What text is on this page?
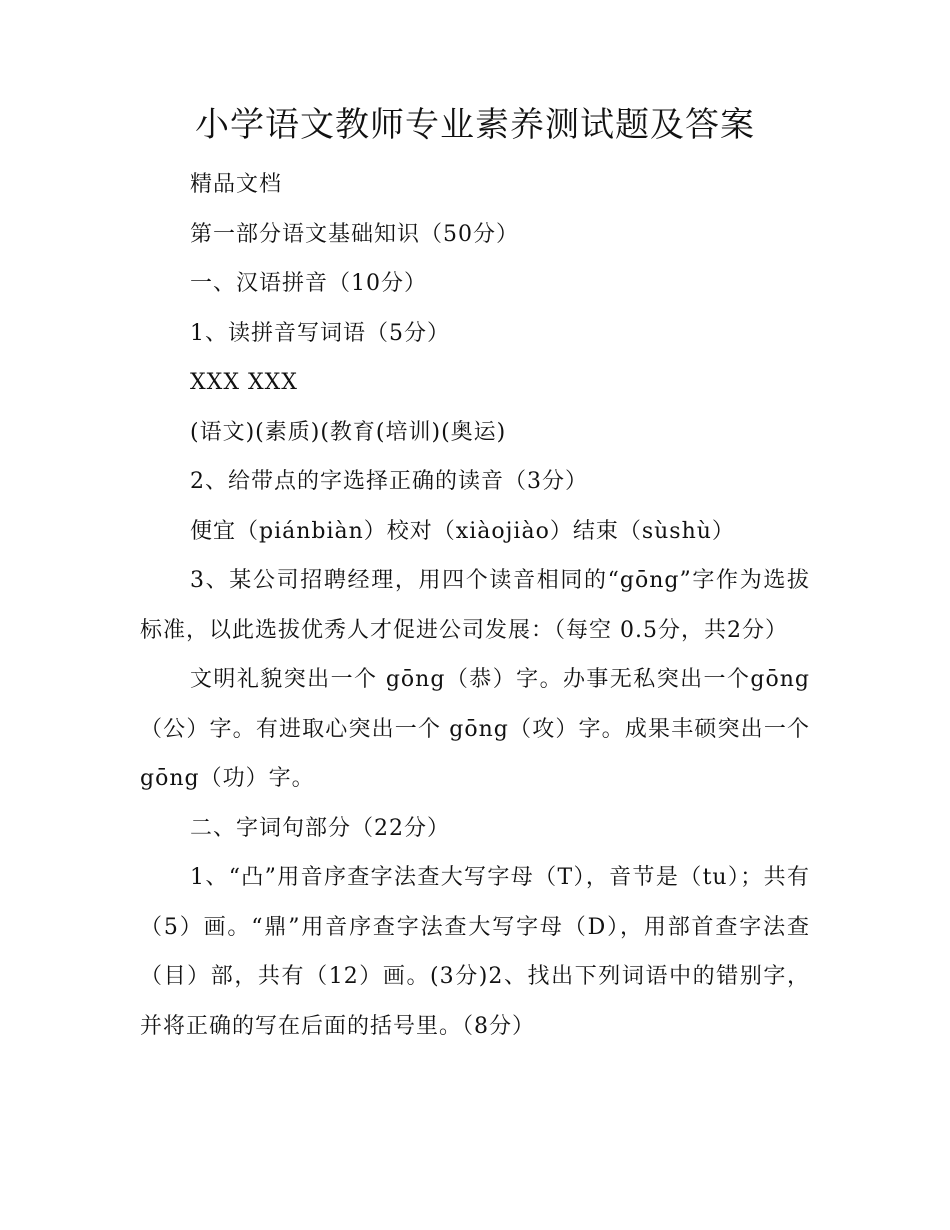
小学语文教师专业素养测试题及答案

精品文档

第一部分语文基础知识（50分）

一、汉语拼音（10分）

1、读拼音写词语（5分）

XXX XXX

(语文)(素质)(教育(培训)(奥运)

2、给带点的字选择正确的读音（3分）

便宜（piánbiàn）校对（xiàojiào）结束（sùshù）

3、某公司招聘经理，用四个读音相同的“gōng”字作为选拔标准，以此选拔优秀人才促进公司发展：（每空 0.5分，共2分）

文明礼貌突出一个 gōng（恭）字。办事无私突出一个gōng（公）字。有进取心突出一个 gōng（攻）字。成果丰硕突出一个gōng（功）字。

二、字词句部分（22分）

1、“凸”用音序查字法查大写字母（T），音节是（tu）；共有（5）画。“鼎”用音序查字法查大写字母（D），用部首查字法查（目）部，共有（12）画。(3分)2、找出下列词语中的错别字，并将正确的写在后面的括号里。（8分）
